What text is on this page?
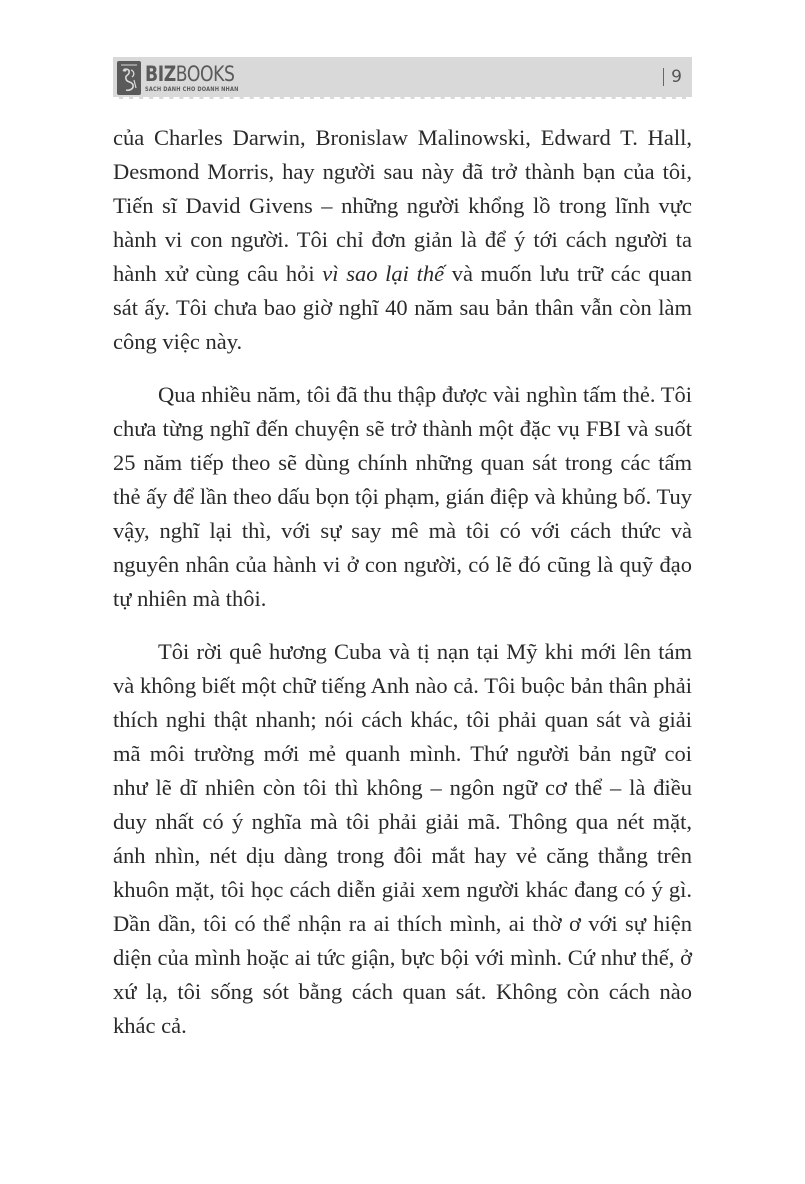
BIZBOOKS
SÁCH DÀNH CHO DOANH NHÂN
9

của Charles Darwin, Bronislaw Malinowski, Edward T. Hall, Desmond Morris, hay người sau này đã trở thành bạn của tôi, Tiến sĩ David Givens – những người khổng lồ trong lĩnh vực hành vi con người. Tôi chỉ đơn giản là để ý tới cách người ta hành xử cùng câu hỏi vì sao lại thế và muốn lưu trữ các quan sát ấy. Tôi chưa bao giờ nghĩ 40 năm sau bản thân vẫn còn làm công việc này.

Qua nhiều năm, tôi đã thu thập được vài nghìn tấm thẻ. Tôi chưa từng nghĩ đến chuyện sẽ trở thành một đặc vụ FBI và suốt 25 năm tiếp theo sẽ dùng chính những quan sát trong các tấm thẻ ấy để lần theo dấu bọn tội phạm, gián điệp và khủng bố. Tuy vậy, nghĩ lại thì, với sự say mê mà tôi có với cách thức và nguyên nhân của hành vi ở con người, có lẽ đó cũng là quỹ đạo tự nhiên mà thôi.

Tôi rời quê hương Cuba và tị nạn tại Mỹ khi mới lên tám và không biết một chữ tiếng Anh nào cả. Tôi buộc bản thân phải thích nghi thật nhanh; nói cách khác, tôi phải quan sát và giải mã môi trường mới mẻ quanh mình. Thứ người bản ngữ coi như lẽ dĩ nhiên còn tôi thì không – ngôn ngữ cơ thể – là điều duy nhất có ý nghĩa mà tôi phải giải mã. Thông qua nét mặt, ánh nhìn, nét dịu dàng trong đôi mắt hay vẻ căng thẳng trên khuôn mặt, tôi học cách diễn giải xem người khác đang có ý gì. Dần dần, tôi có thể nhận ra ai thích mình, ai thờ ơ với sự hiện diện của mình hoặc ai tức giận, bực bội với mình. Cứ như thế, ở xứ lạ, tôi sống sót bằng cách quan sát. Không còn cách nào khác cả.
